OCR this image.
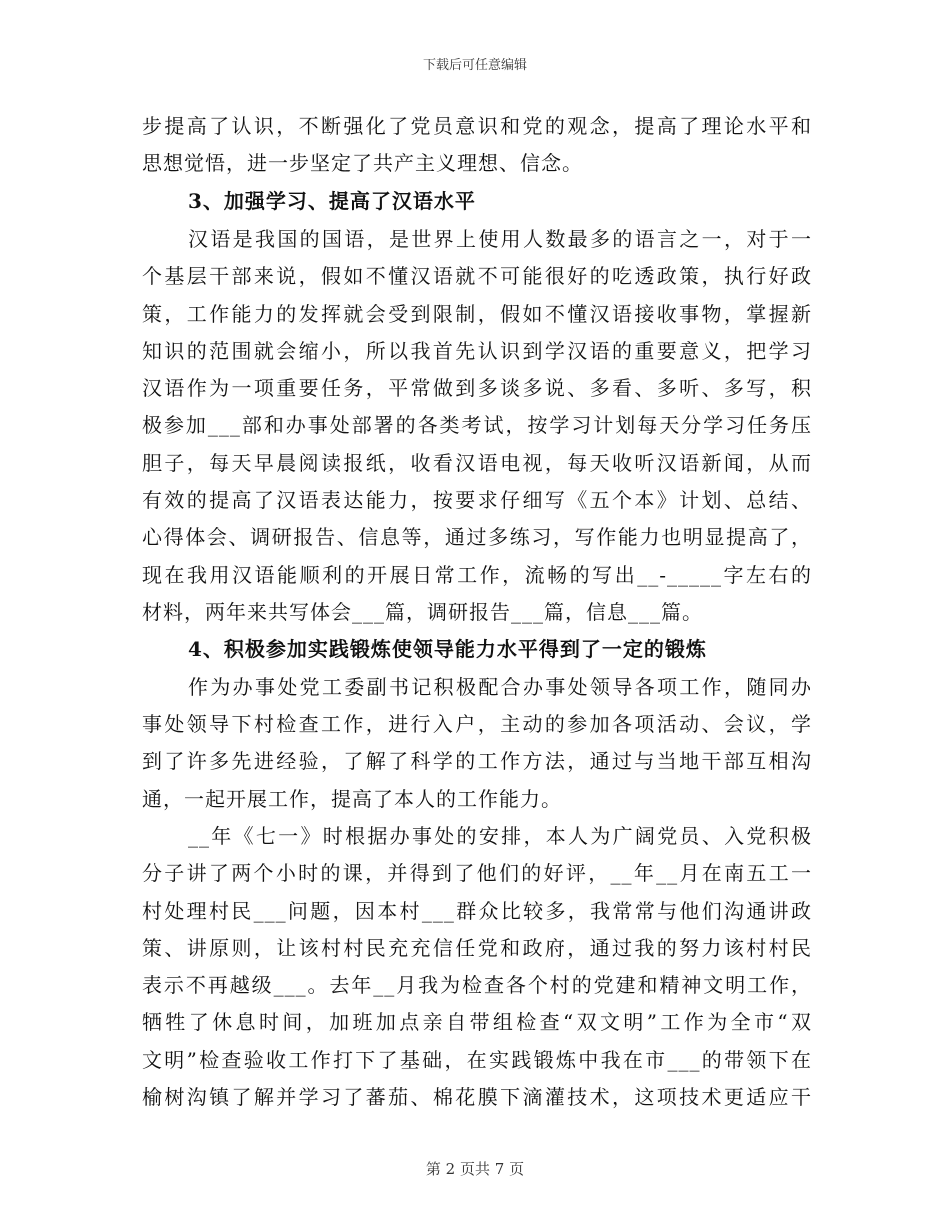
下载后可任意编辑
步提高了认识，不断强化了党员意识和党的观念，提高了理论水平和
思想觉悟，进一步坚定了共产主义理想、信念。
3、加强学习、提高了汉语水平
汉语是我国的国语，是世界上使用人数最多的语言之一，对于一
个基层干部来说，假如不懂汉语就不可能很好的吃透政策，执行好政
策，工作能力的发挥就会受到限制，假如不懂汉语接收事物，掌握新
知识的范围就会缩小，所以我首先认识到学汉语的重要意义，把学习
汉语作为一项重要任务，平常做到多谈多说、多看、多听、多写，积
极参加___部和办事处部署的各类考试，按学习计划每天分学习任务压
胆子，每天早晨阅读报纸，收看汉语电视，每天收听汉语新闻，从而
有效的提高了汉语表达能力，按要求仔细写《五个本》计划、总结、
心得体会、调研报告、信息等，通过多练习，写作能力也明显提高了，
现在我用汉语能顺利的开展日常工作，流畅的写出__-_____字左右的
材料，两年来共写体会___篇，调研报告___篇，信息___篇。
4、积极参加实践锻炼使领导能力水平得到了一定的锻炼
作为办事处党工委副书记积极配合办事处领导各项工作，随同办
事处领导下村检查工作，进行入户，主动的参加各项活动、会议，学
到了许多先进经验，了解了科学的工作方法，通过与当地干部互相沟
通，一起开展工作，提高了本人的工作能力。
__年《七一》时根据办事处的安排，本人为广阔党员、入党积极
分子讲了两个小时的课，并得到了他们的好评，__年__月在南五工一
村处理村民___问题，因本村___群众比较多，我常常与他们沟通讲政
策、讲原则，让该村村民充充信任党和政府，通过我的努力该村村民
表示不再越级___。去年__月我为检查各个村的党建和精神文明工作，
牺牲了休息时间，加班加点亲自带组检查“双文明”工作为全市“双
文明”检查验收工作打下了基础，在实践锻炼中我在市___的带领下在
榆树沟镇了解并学习了蕃茄、棉花膜下滴灌技术，这项技术更适应干
第 2 页共 7 页
